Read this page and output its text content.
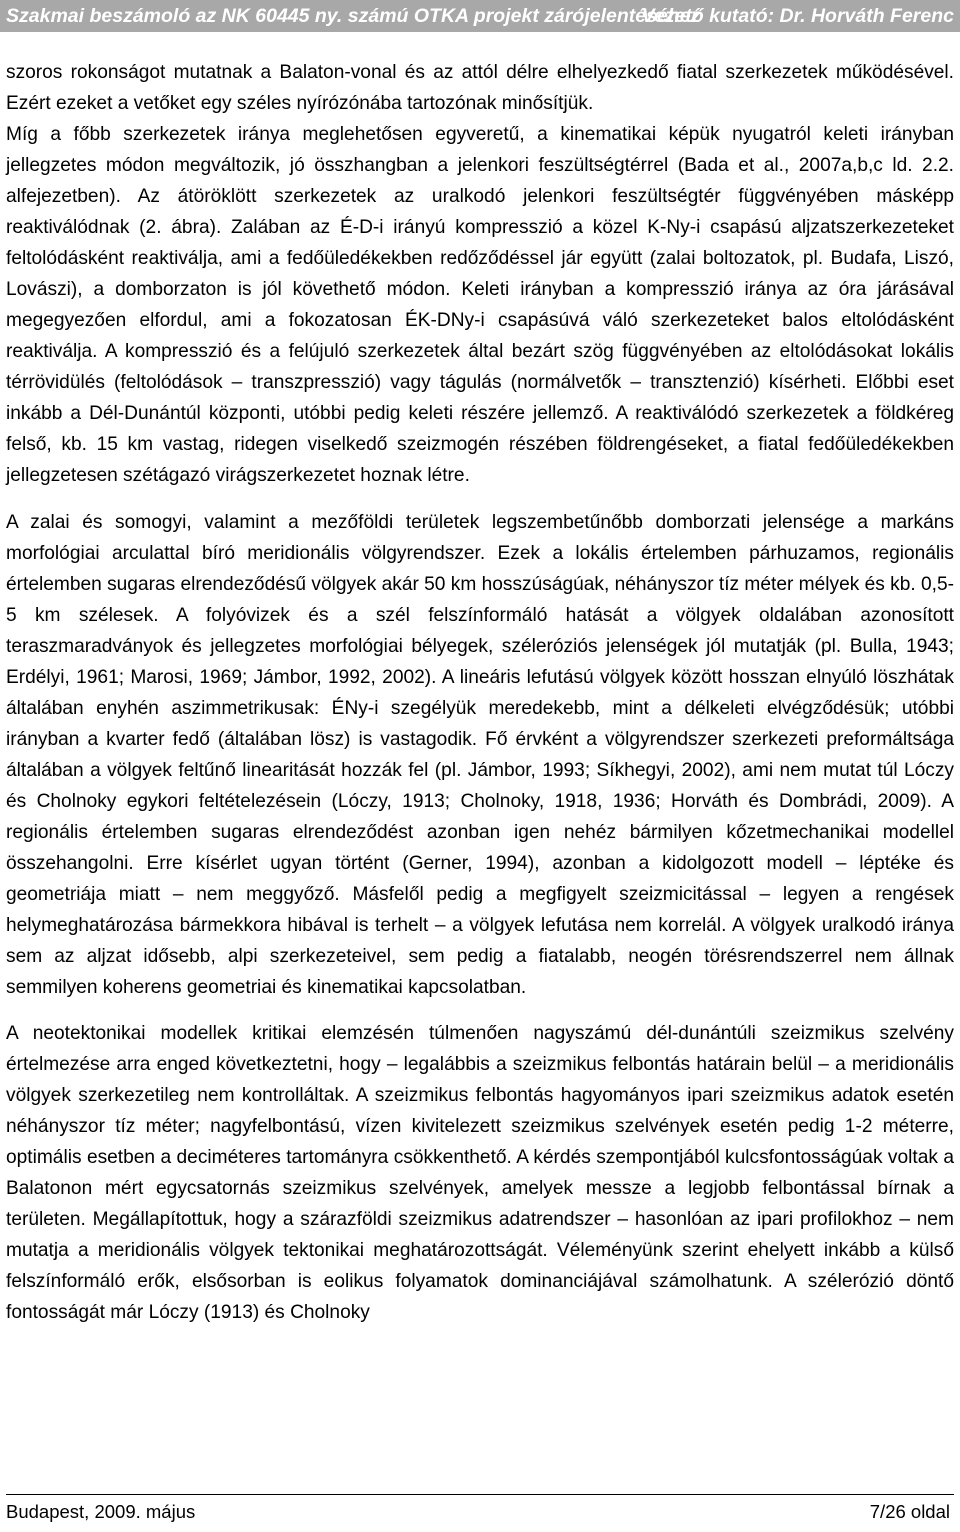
Szakmai beszámoló az NK 60445 ny. számú OTKA projekt zárójelentéséhez
Vezető kutató: Dr. Horváth Ferenc

szoros rokonságot mutatnak a Balaton-vonal és az attól délre elhelyezkedő fiatal szerkezetek működésével. Ezért ezeket a vetőket egy széles nyírózónába tartozónak minősítjük.

Míg a főbb szerkezetek iránya meglehetősen egyveretű, a kinematikai képük nyugatról keleti irányban jellegzetes módon megváltozik, jó összhangban a jelenkori feszültségtérrel (Bada et al., 2007a,b,c ld. 2.2. alfejezetben). Az átöröklött szerkezetek az uralkodó jelenkori feszültségtér függvényében másképp reaktiválódnak (2. ábra). Zalában az É-D-i irányú kompresszió a közel K-Ny-i csapású aljzatszerkezeteket feltolódásként reaktiválja, ami a fedőüledékekben redőződéssel jár együtt (zalai boltozatok, pl. Budafa, Liszó, Lovászi), a domborzaton is jól követhető módon. Keleti irányban a kompresszió iránya az óra járásával megegyezően elfordul, ami a fokozatosan ÉK-DNy-i csapásúvá váló szerkezeteket balos eltolódásként reaktiválja. A kompresszió és a felújuló szerkezetek által bezárt szög függvényében az eltolódásokat lokális térrövidülés (feltolódások – transzpresszió) vagy tágulás (normálvetők – transztenzió) kísérheti. Előbbi eset inkább a Dél-Dunántúl központi, utóbbi pedig keleti részére jellemző. A reaktiválódó szerkezetek a földkéreg felső, kb. 15 km vastag, ridegen viselkedő szeizmogén részében földrengéseket, a fiatal fedőüledékekben jellegzetesen szétágazó virágszerkezetet hoznak létre.

A zalai és somogyi, valamint a mezőföldi területek legszembetűnőbb domborzati jelensége a markáns morfológiai arculattal bíró meridionális völgyrendszer. Ezek a lokális értelemben párhuzamos, regionális értelemben sugaras elrendeződésű völgyek akár 50 km hosszúságúak, néhányszor tíz méter mélyek és kb. 0,5-5 km szélesek. A folyóvizek és a szél felszínformáló hatását a völgyek oldalában azonosított teraszmaradványok és jellegzetes morfológiai bélyegek, széleróziós jelenségek jól mutatják (pl. Bulla, 1943; Erdélyi, 1961; Marosi, 1969; Jámbor, 1992, 2002). A lineáris lefutású völgyek között hosszan elnyúló löszhátak általában enyhén aszimmetrikusak: ÉNy-i szegélyük meredekebb, mint a délkeleti elvégződésük; utóbbi irányban a kvarter fedő (általában lösz) is vastagodik. Fő érvként a völgyrendszer szerkezeti preformáltsága általában a völgyek feltűnő linearitását hozzák fel (pl. Jámbor, 1993; Síkhegyi, 2002), ami nem mutat túl Lóczy és Cholnoky egykori feltételezésein (Lóczy, 1913; Cholnoky, 1918, 1936; Horváth és Dombrádi, 2009). A regionális értelemben sugaras elrendeződést azonban igen nehéz bármilyen kőzetmechanikai modellel összehangolni. Erre kísérlet ugyan történt (Gerner, 1994), azonban a kidolgozott modell – léptéke és geometriája miatt – nem meggyőző. Másfelől pedig a megfigyelt szeizmicitással – legyen a rengések helymeghatározása bármekkora hibával is terhelt – a völgyek lefutása nem korrelál. A völgyek uralkodó iránya sem az aljzat idősebb, alpi szerkezeteivel, sem pedig a fiatalabb, neogén törésrendszerrel nem állnak semmilyen koherens geometriai és kinematikai kapcsolatban.

A neotektonikai modellek kritikai elemzésén túlmenően nagyszámú dél-dunántúli szeizmikus szelvény értelmezése arra enged következtetni, hogy – legalábbis a szeizmikus felbontás határain belül – a meridionális völgyek szerkezetileg nem kontrolláltak. A szeizmikus felbontás hagyományos ipari szeizmikus adatok esetén néhányszor tíz méter; nagyfelbontású, vízen kivitelezett szeizmikus szelvények esetén pedig 1-2 méterre, optimális esetben a deciméteres tartományra csökkenthető. A kérdés szempontjából kulcsfontosságúak voltak a Balatonon mért egycsatornás szeizmikus szelvények, amelyek messze a legjobb felbontással bírnak a területen. Megállapítottuk, hogy a szárazföldi szeizmikus adatrendszer – hasonlóan az ipari profilokhoz – nem mutatja a meridionális völgyek tektonikai meghatározottságát. Véleményünk szerint ehelyett inkább a külső felszínformáló erők, elsősorban is eolikus folyamatok dominanciájával számolhatunk. A szélerózió döntő fontosságát már Lóczy (1913) és Cholnoky

Budapest, 2009. május	7/26 oldal
